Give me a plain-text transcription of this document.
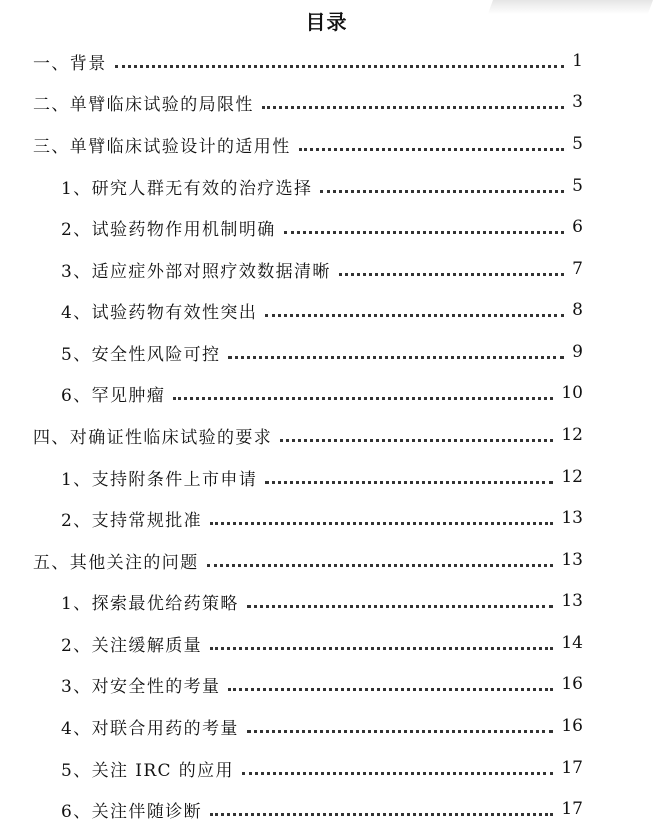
目录
一、背景	1
二、单臂临床试验的局限性	3
三、单臂临床试验设计的适用性	5
1、研究人群无有效的治疗选择	5
2、试验药物作用机制明确	6
3、适应症外部对照疗效数据清晰	7
4、试验药物有效性突出	8
5、安全性风险可控	9
6、罕见肿瘤	10
四、对确证性临床试验的要求	12
1、支持附条件上市申请	12
2、支持常规批准	13
五、其他关注的问题	13
1、探索最优给药策略	13
2、关注缓解质量	14
3、对安全性的考量	16
4、对联合用药的考量	16
5、关注 IRC 的应用	17
6、关注伴随诊断	17
